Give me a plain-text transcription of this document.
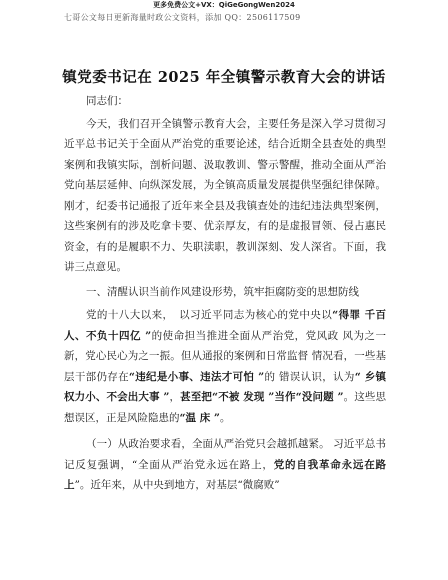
更多免费公文+VX：QiGeGongWen2024
七哥公文每日更新海量时政公文资料，添加 QQ：2506117509
镇党委书记在 2025 年全镇警示教育大会的讲话

同志们：

今天，我们召开全镇警示教育大会，主要任务是深入学习贯彻习近平总书记关于全面从严治党的重要论述，结合近期全县查处的典型案例和我镇实际，剖析问题、汲取教训、警示警醒，推动全面从严治党向基层延伸、向纵深发展，为全镇高质量发展提供坚强纪律保障。刚才，纪委书记通报了近年来全县及我镇查处的违纪违法典型案例，这些案例有的涉及吃拿卡要、优亲厚友，有的是虚报冒领、侵占惠民资金，有的是履职不力、失职渎职，教训深刻、发人深省。下面，我讲三点意见。

一、清醒认识当前作风建设形势，筑牢拒腐防变的思想防线

党的十八大以来，　以习近平同志为核心的党中央以“得罪 千百人、不负十四亿 ”的使命担当推进全面从严治党，党风政 风为之一新，党心民心为之一振。但从通报的案例和日常监督 情况看，一些基层干部仍存在“违纪是小事、违法才可怕 ”的 错误认识，认为“ 乡镇权力小、不会出大事 ”，甚至把“不被 发现 ”当作“没问题 ”。这些思想误区，正是风险隐患的“温 床 ”。

（一）从政治要求看，全面从严治党只会越抓越紧。 习近平总书记反复强调，“全面从严治党永远在路上，党的自我革命永远在路上”。近年来，从中央到地方，对基层“微腐败”
